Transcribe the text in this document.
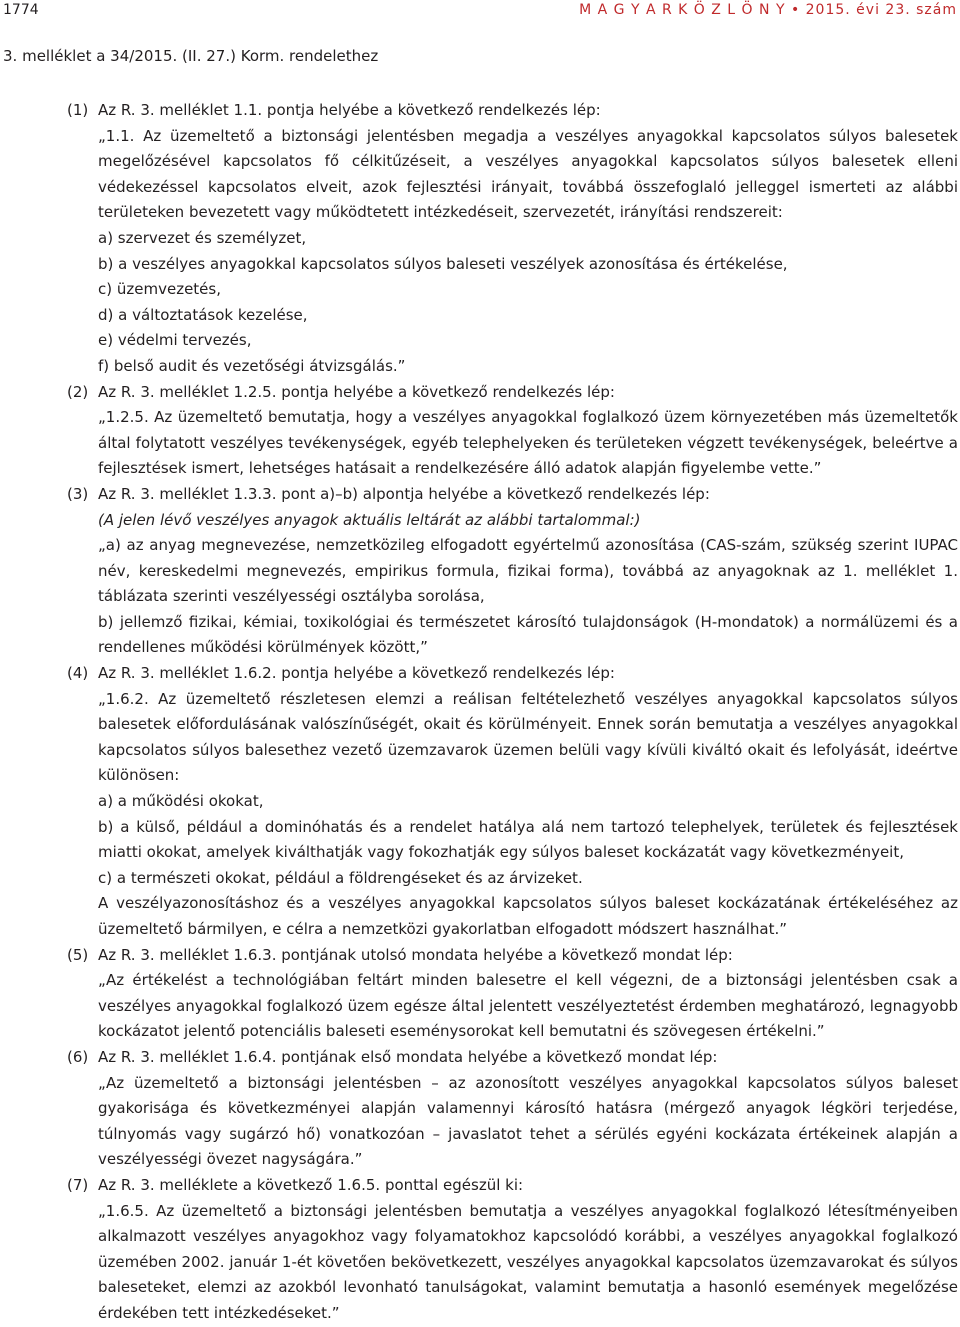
1774	M A G Y A R K Ö Z L Ö N Y • 2015. évi 23. szám
3. melléklet a 34/2015. (II. 27.) Korm. rendelethez
(1) Az R. 3. melléklet 1.1. pontja helyébe a következő rendelkezés lép:

„1.1. Az üzemeltető a biztonsági jelentésben megadja a veszélyes anyagokkal kapcsolatos súlyos balesetek megelőzésével kapcsolatos fő célkitűzéseit, a veszélyes anyagokkal kapcsolatos súlyos balesetek elleni védekezéssel kapcsolatos elveit, azok fejlesztési irányait, továbbá összefoglaló jelleggel ismerteti az alábbi területeken bevezetett vagy működtetett intézkedéseit, szervezetét, irányítási rendszereit:

a) szervezet és személyzet,

b) a veszélyes anyagokkal kapcsolatos súlyos baleseti veszélyek azonosítása és értékelése,

c) üzemvezetés,

d) a változtatások kezelése,

e) védelmi tervezés,

f) belső audit és vezetőségi átvizsgálás.”

(2) Az R. 3. melléklet 1.2.5. pontja helyébe a következő rendelkezés lép:

„1.2.5. Az üzemeltető bemutatja, hogy a veszélyes anyagokkal foglalkozó üzem környezetében más üzemeltetők által folytatott veszélyes tevékenységek, egyéb telephelyeken és területeken végzett tevékenységek, beleértve a fejlesztések ismert, lehetséges hatásait a rendelkezésére álló adatok alapján figyelembe vette.”

(3) Az R. 3. melléklet 1.3.3. pont a)–b) alpontja helyébe a következő rendelkezés lép:

(A jelen lévő veszélyes anyagok aktuális leltárát az alábbi tartalommal:)

„a) az anyag megnevezése, nemzetközileg elfogadott egyértelmű azonosítása (CAS-szám, szükség szerint IUPAC név, kereskedelmi megnevezés, empirikus formula, fizikai forma), továbbá az anyagoknak az 1. melléklet 1. táblázata szerinti veszélyességi osztályba sorolása,

b) jellemző fizikai, kémiai, toxikológiai és természetet károsító tulajdonságok (H-mondatok) a normálüzemi és a rendellenes működési körülmények között,”

(4) Az R. 3. melléklet 1.6.2. pontja helyébe a következő rendelkezés lép:

„1.6.2. Az üzemeltető részletesen elemzi a reálisan feltételezhető veszélyes anyagokkal kapcsolatos súlyos balesetek előfordulásának valószínűségét, okait és körülményeit. Ennek során bemutatja a veszélyes anyagokkal kapcsolatos súlyos balesethez vezető üzemzavarok üzemen belüli vagy kívüli kiváltó okait és lefolyását, ideértve különösen:

a) a működési okokat,

b) a külső, például a dominóhatás és a rendelet hatálya alá nem tartozó telephelyek, területek és fejlesztések miatti okokat, amelyek kiválthatják vagy fokozhatják egy súlyos baleset kockázatát vagy következményeit,

c) a természeti okokat, például a földrengéseket és az árvizeket.

A veszélyazonosításhoz és a veszélyes anyagokkal kapcsolatos súlyos baleset kockázatának értékeléséhez az üzemeltető bármilyen, e célra a nemzetközi gyakorlatban elfogadott módszert használhat.”

(5) Az R. 3. melléklet 1.6.3. pontjának utolsó mondata helyébe a következő mondat lép:

„Az értékelést a technológiában feltárt minden balesetre el kell végezni, de a biztonsági jelentésben csak a veszélyes anyagokkal foglalkozó üzem egésze által jelentett veszélyeztetést érdemben meghatározó, legnagyobb kockázatot jelentő potenciális baleseti eseménysorokat kell bemutatni és szövegesen értékelni.”

(6) Az R. 3. melléklet 1.6.4. pontjának első mondata helyébe a következő mondat lép:

„Az üzemeltető a biztonsági jelentésben – az azonosított veszélyes anyagokkal kapcsolatos súlyos baleset gyakorisága és következményei alapján valamennyi károsító hatásra (mérgező anyagok légköri terjedése, túlnyomás vagy sugárzó hő) vonatkozóan – javaslatot tehet a sérülés egyéni kockázata értékeinek alapján a veszélyességi övezet nagyságára.”

(7) Az R. 3. melléklete a következő 1.6.5. ponttal egészül ki:

„1.6.5. Az üzemeltető a biztonsági jelentésben bemutatja a veszélyes anyagokkal foglalkozó létesítményeiben alkalmazott veszélyes anyagokhoz vagy folyamatokhoz kapcsolódó korábbi, a veszélyes anyagokkal foglalkozó üzemében 2002. január 1-ét követően bekövetkezett, veszélyes anyagokkal kapcsolatos üzemzavarokat és súlyos baleseteket, elemzi az azokból levonható tanulságokat, valamint bemutatja a hasonló események megelőzése érdekében tett intézkedéseket.”
